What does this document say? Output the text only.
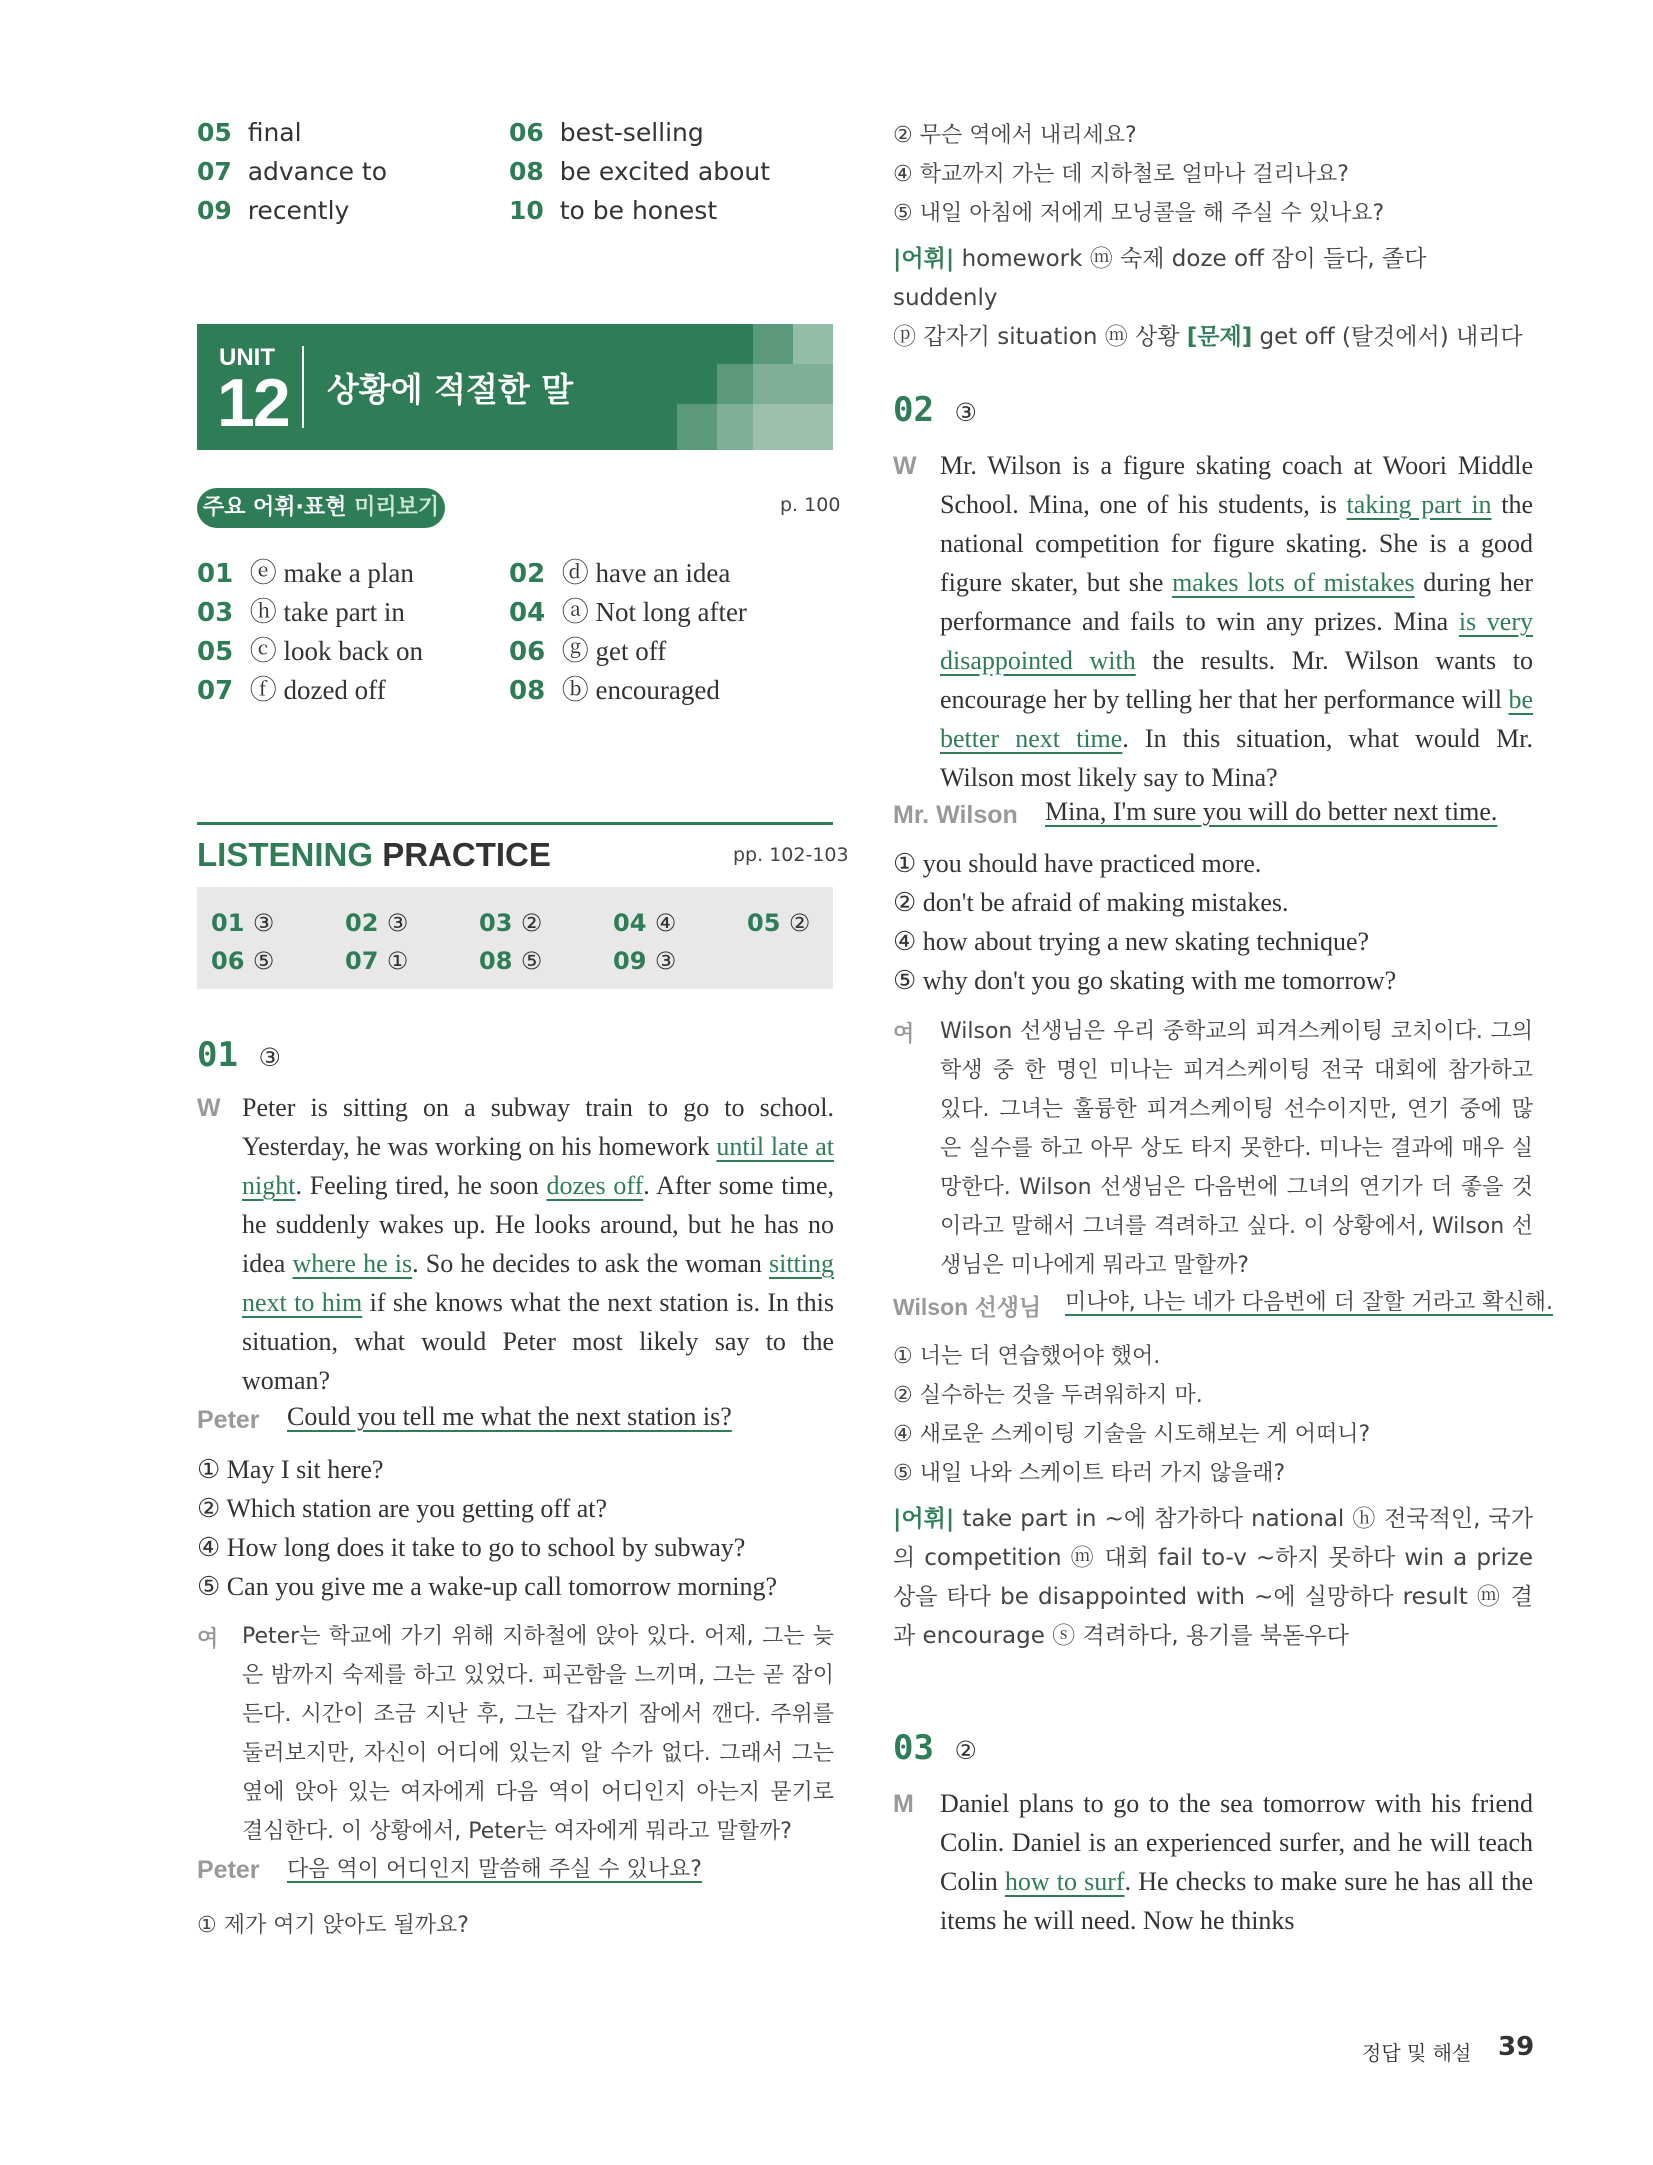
05 final	06 best-selling
07 advance to	08 be excited about
09 recently	10 to be honest
UNIT
12 상황에 적절한 말
주요 어휘·표현 미리보기	p. 100
01 ⓔ make a plan	02 ⓓ have an idea
03 ⓗ take part in	04 ⓐ Not long after
05 ⓒ look back on	06 ⓖ get off
07 ⓕ dozed off	08 ⓑ encouraged
LISTENING PRACTICE	pp. 102-103
01 ③	02 ③	03 ②	04 ④	05 ②
06 ⑤	07 ①	08 ⑤	09 ③
01 ③
W Peter is sitting on a subway train to go to school. Yesterday, he was working on his homework until late at night. Feeling tired, he soon dozes off. After some time, he suddenly wakes up. He looks around, but he has no idea where he is. So he decides to ask the woman sitting next to him if she knows what the next station is. In this situation, what would Peter most likely say to the woman?
Peter Could you tell me what the next station is?
① May I sit here?
② Which station are you getting off at?
④ How long does it take to go to school by subway?
⑤ Can you give me a wake-up call tomorrow morning?
여 Peter는 학교에 가기 위해 지하철에 앉아 있다. 어제, 그는 늦은 밤까지 숙제를 하고 있었다. 피곤함을 느끼며, 그는 곧 잠이 든다. 시간이 조금 지난 후, 그는 갑자기 잠에서 깬다. 주위를 둘러보지만, 자신이 어디에 있는지 알 수가 없다. 그래서 그는 옆에 앉아 있는 여자에게 다음 역이 어디인지 아는지 묻기로 결심한다. 이 상황에서, Peter는 여자에게 뭐라고 말할까?
Peter 다음 역이 어디인지 말씀해 주실 수 있나요?
① 제가 여기 앉아도 될까요?
② 무슨 역에서 내리세요?
④ 학교까지 가는 데 지하철로 얼마나 걸리나요?
⑤ 내일 아침에 저에게 모닝콜을 해 주실 수 있나요?
|어휘| homework ⓜ 숙제 doze off 잠이 들다, 졸다 suddenly
ⓟ 갑자기 situation ⓜ 상황 [문제] get off (탈것에서) 내리다
02 ③
W Mr. Wilson is a figure skating coach at Woori Middle School. Mina, one of his students, is taking part in the national competition for figure skating. She is a good figure skater, but she makes lots of mistakes during her performance and fails to win any prizes. Mina is very disappointed with the results. Mr. Wilson wants to encourage her by telling her that her performance will be better next time. In this situation, what would Mr. Wilson most likely say to Mina?
Mr. Wilson Mina, I'm sure you will do better next time.
① you should have practiced more.
② don't be afraid of making mistakes.
④ how about trying a new skating technique?
⑤ why don't you go skating with me tomorrow?
여 Wilson 선생님은 우리 중학교의 피겨스케이팅 코치이다. 그의 학생 중 한 명인 미나는 피겨스케이팅 전국 대회에 참가하고 있다. 그녀는 훌륭한 피겨스케이팅 선수이지만, 연기 중에 많은 실수를 하고 아무 상도 타지 못한다. 미나는 결과에 매우 실망한다. Wilson 선생님은 다음번에 그녀의 연기가 더 좋을 것이라고 말해서 그녀를 격려하고 싶다. 이 상황에서, Wilson 선생님은 미나에게 뭐라고 말할까?
Wilson 선생님 미나야, 나는 네가 다음번에 더 잘할 거라고 확신해.
① 너는 더 연습했어야 했어.
② 실수하는 것을 두려워하지 마.
④ 새로운 스케이팅 기술을 시도해보는 게 어떠니?
⑤ 내일 나와 스케이트 타러 가지 않을래?
|어휘| take part in ~에 참가하다 national ⓗ 전국적인, 국가의 competition ⓜ 대회 fail to-v ~하지 못하다 win a prize 상을 타다 be disappointed with ~에 실망하다 result ⓜ 결과 encourage ⓢ 격려하다, 용기를 북돋우다
03 ②
M Daniel plans to go to the sea tomorrow with his friend Colin. Daniel is an experienced surfer, and he will teach Colin how to surf. He checks to make sure he has all the items he will need. Now he thinks
정답 및 해설 39
